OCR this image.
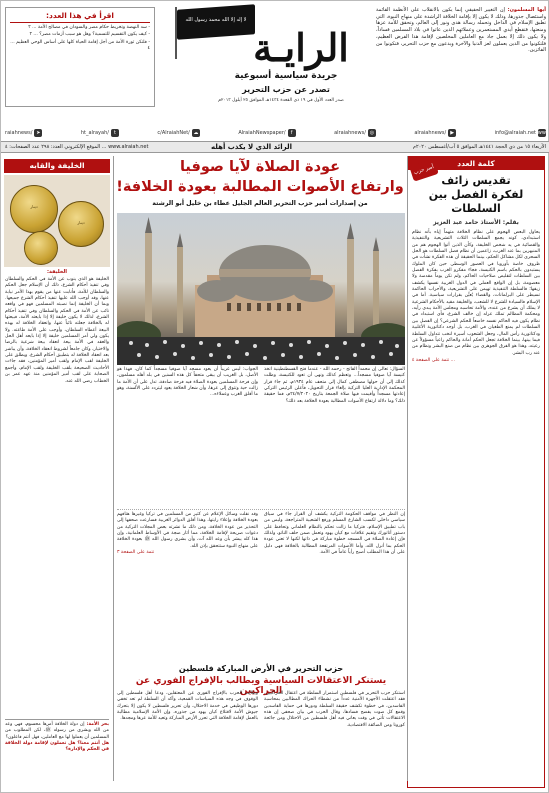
اقرأ في هذا العدد:
- سد النهضة وتخريط حكام مصر والسودان في مصالح الأمة ... ٢
- كيف يكون التقسيم للتسمية؟ وهل هو سبب أزمات مصر؟ ... ٢
- فلتكن ثورة الأمة من أجل إقامة الحياة كلها على أساس الوحي العظيم ... ٤
لا إله إلا الله محمد رسول الله
الرايـة
جريدة سياسية أسبوعية
تصدر عن حزب التحرير
صدر العدد الأول في ١٩ ذي القعدة ١٤٣٤هـ الموافق ٢٥ أيلول ٢٠١٣م
أيها المسلمون: إن التغيير الحقيقي إنما يكون بالانقلاب على الأنظمة القائمة واستئصال جذورها، وذلك لا يكون إلا بإقامة الخلافة الراشدة على منهاج النبوة، التي تطبق الإسلام في الداخل وتحمله رسالة هدى ونور إلى العالم، وتحقق للأمة عزها ومنعتها، فتقطع أيدي المستعمرين وعملائهم الذين عاثوا في بلاد المسلمين فساداً، ولا يكون ذلك إلا بعمل جاد مع العاملين المخلصين لإقامة هذا الفرض العظيم، فلتكونوا من الذين يعملون لعز الدنيا والآخرة ويدعون مع حزب التحرير، فتكونوا من الفائزين.
www
info@alraiah.net
▶
/alraiahnews
◎
/alraiahnews
f
/AlraiahNewspaper
☁
/c/AlraiahNet
t
/ht_alrayah
➤
/raiahnews
الأربعاء ١٥ من ذي الحجة ١٤٤١هـ الموافق ٥ آب/أغسطس ٢٠٢٠م
الرائد الذي لا يكذب أهله
www.alraiah.net ... الموقع الإلكتروني العدد: ٢٩٨ عدد الصفحات: ٤
كلمة العدد
تقديس زائف
لفكرة الفصل بين السلطات
بقلم: الأستاذ حامد عبد العزيز
يحاول البعض الهجوم على نظام الخلافة متهماً إياه بأنه نظام استبدادي، كونه يجمع السلطات الثلاث التشريعية والتنفيذية والقضائية في يد شخص الخليفة، وكأن الذين أتوا الهجوم هم من المنبهرين بما عند الغرب، زاعمين أن نظام فصل السلطات هو الحل السحري لكل مشاكل الحكم، بينما الحقيقة أن هذه الفكرة نشأت في ظروف خاصة بأوروبا في العصور الوسطى حين كان الملوك يستبدون بالحكم باسم الكنيسة، فجاء مفكرو الغرب بفكرة الفصل بين السلطات لتقليص صلاحيات الحاكم، ولم تكن يوماً مقدسة ولا معصومة، بل إن الواقع العملي في الدول الغربية نفسها يكشف زيفها؛ فالسلطة التنفيذية تهيمن على التشريعية، والأحزاب الحاكمة تسيطر على البرلمانات، والقضاء يُعيَّن بقرارات سياسية. أما في الإسلام فالسيادة للشرع لا للشعب، والخليفة مقيد بالأحكام الشرعية لا يملك أن يشرع من عنده، والأمة تحاسبه ومجلس الأمة يبدي رأيه، ومحكمة المظالم تملك عزله إن خالف الشرع، فأي استبداد في نظام يكون فيه الحاكم نفسه خاضعاً للحكم الشرعي؟ إن الفصل بين السلطات لم يمنع الطغيان في الغرب، بل أوجد دكتاتورية الأغلبية ودكتاتورية رأس المال، وجعل الشعوب أسيرة لنخب تتداول السلطة فيما بينها، بينما الخلافة تجعل الحكم أمانة والحاكم راعياً مسؤولاً عن رعيته، وهذا هو الفرق الجوهري بين نظام من صنع البشر ونظام من عند رب البشر.
... تتمة على الصفحة ٤
أمير حزب التحرير
عودة الصلاة لآيا صوفيا
وارتفاع الأصوات المطالبة بعودة الخلافة!
من إصدارات أمير حزب التحرير العالم الجليل عطاء بن خليل أبو الرشتة

السؤال: تعالى إن محمداً الفاتح - رحمه الله - عندما فتح القسطنطينية اتخذ كنيسة آيا صوفيا مسجداً... وتعظم كذلك ونهى أن تعود للكنيسة، وظلت كذلك إلى أن حولها مصطفى كمال إلى متحف عام ١٩٣٤م، ثم جاء قرار المحكمة الإدارية العليا التركية بإلغاء قرار التحويل، فأعلن الرئيس التركي إعادتها مسجداً وأقيمت فيها صلاة الجمعة بتاريخ ٢٤/٧/٢٠٢٠م، فما حقيقة ذلك؟ وما دلالة ارتفاع الأصوات المطالبة بعودة الخلافة بعد ذلك؟

الجواب: ليس غريباً أن يعود مسجد آيا صوفيا مسجداً كما كان، فهذا هو الأصل، بل الغريب أن يبقى متحفاً كل هذه السنين في بلد أهله مسلمون، وإن فرحة المسلمين بعودة الصلاة فيه فرحة صادقة، تدل على أن الأمة ما زالت حية وتتوق إلى عزها، وأن شعار الخلافة يعود ليتردد على الألسنة، وهو ما أقلق الغرب وعملاءه...

إن النظر في مواقف الحكومة التركية يكشف أن القرار جاء في سياق سياسي داخلي لكسب الشارع المسلم ورفع الشعبية المتراجعة، وليس من باب تطبيق الإسلام، فتركيا ما زالت تحكم بالنظام العلماني وتحافظ على دستور أتاتورك وتقيم علاقات مع كيان يهود وتعمل ضمن حلف الناتو، ولذلك فإن إعادة الصلاة في المسجد خطوة مباركة في ذاتها لكنها لا تعني عودة الحكم بما أنزل الله، وأما الأصوات المرتفعة المطالبة بالخلافة فهي دليل على أن هذا المطلب أصبح رأياً عاماً في الأمة.

وقد نقلت وسائل الإعلام عن كثير من المسلمين في تركيا وغيرها هتافهم بعودة الخلافة وإعلاء رايتها، وهذا أقلق الدوائر الغربية فسارعت صحفها إلى التحذير من عودة الخلافة، ومن ذلك ما نشرته بعض المجلات التركية من دعوات صريحة لإقامة الخلافة، مما أثار ضجة في الأوساط العلمانية، وإن هذا كله يبشر بأن وعد الله آت، وأن بشرى رسول الله ﷺ بعودة الخلافة على منهاج النبوة ستتحقق بإذن الله.

تتمة على الصفحة ٣

حزب التحرير في الأرض المباركة فلسطين
يستنكر الاعتقالات السياسية ويطالب بالإفراج الفوري عن الحراكيين

استنكر حزب التحرير في فلسطين استمرار السلطة في اعتقال الحراكيين، فقد اعتقلت الأجهزة الأمنية عدداً من نشطاء الحراك المطالبين بمحاسبة الفاسدين، في خطوة تكشف حقيقة السلطة ودورها في حماية الفاسدين وقمع كل صوت يفضح فسادها، وقال الحزب في بيان صحفي إن هذه الاعتقالات تأتي في وقت يعاني فيه أهل فلسطين من الاحتلال ومن جائحة كورونا ومن الضائقة الاقتصادية.

وطالب الحزب بالإفراج الفوري عن المعتقلين، ودعا أهل فلسطين إلى الوقوف في وجه هذه السياسات القمعية، وأكد أن السلطة لم تعد تخفي دورها الوظيفي في خدمة الاحتلال، وأن تحرير فلسطين لا يكون إلا بتحرك جيوش الأمة لاقتلاع كيان يهود من جذوره، وإن الأمة الإسلامية مطالبة بالعمل لإقامة الخلافة التي تحرر الأرض المباركة وتعيد للأمة عزها ومجدها.

الخليفة والقابه
دينار
دينار
الخليفة:
الخليفة هو الذي ينوب عن الأمة في الحكم والسلطان وفي تنفيذ أحكام الشرع، ذلك أن الإسلام جعل الحكم والسلطان للأمة، فأنابت عنها من يقوم بهذا الأمر نيابة عنها، وقد أوجب الله عليها تنفيذ أحكام الشرع جميعها. وبما أن الخليفة إنما نصبته المسلمين فهو في واقعه نائب عن الأمة في الحكم والسلطان وفي تنفيذ أحكام الشرع، لذلك لا يكون خليفة إلا إذا بايعته الأمة، فبيعتها له بالخلافة جعلته نائباً عنها، وانعقاد الخلافة له بهذه البيعة أعطاه السلطان، وأوجب على الأمة طاعته. ولا يكون ولي أمر المسلمين خليفة إلا إذا بايعه أهل الحل والعقد في الأمة بيعة انعقاد بيعة شرعية بالرضا والاختيار، وكان جامعاً لشروط انعقاد الخلافة، وأن يباشر بعد انعقاد الخلافة له بتطبيق أحكام الشرع. ويطلق على الخليفة لقب الإمام ولقب أمير المؤمنين، فقد جاءت الأحاديث الصحيحة بلقب الخليفة ولقب الإمام، وأجمع الصحابة على لقب أمير المؤمنين منذ عهد عمر بن الخطاب رضي الله عنه.
بحر الأمة: إن دولة الخلافة أمرها محسوم، فهي وعد من الله وبشرى من رسوله ﷺ، لكن المطلوب من المسلمين أن يعملوا لها مع العاملين، فهل أنتم فاعلون؟
هل أنتم معنا؟ هل تعملون لإقامة دولة الخلافة في الحكم والإدارة؟
